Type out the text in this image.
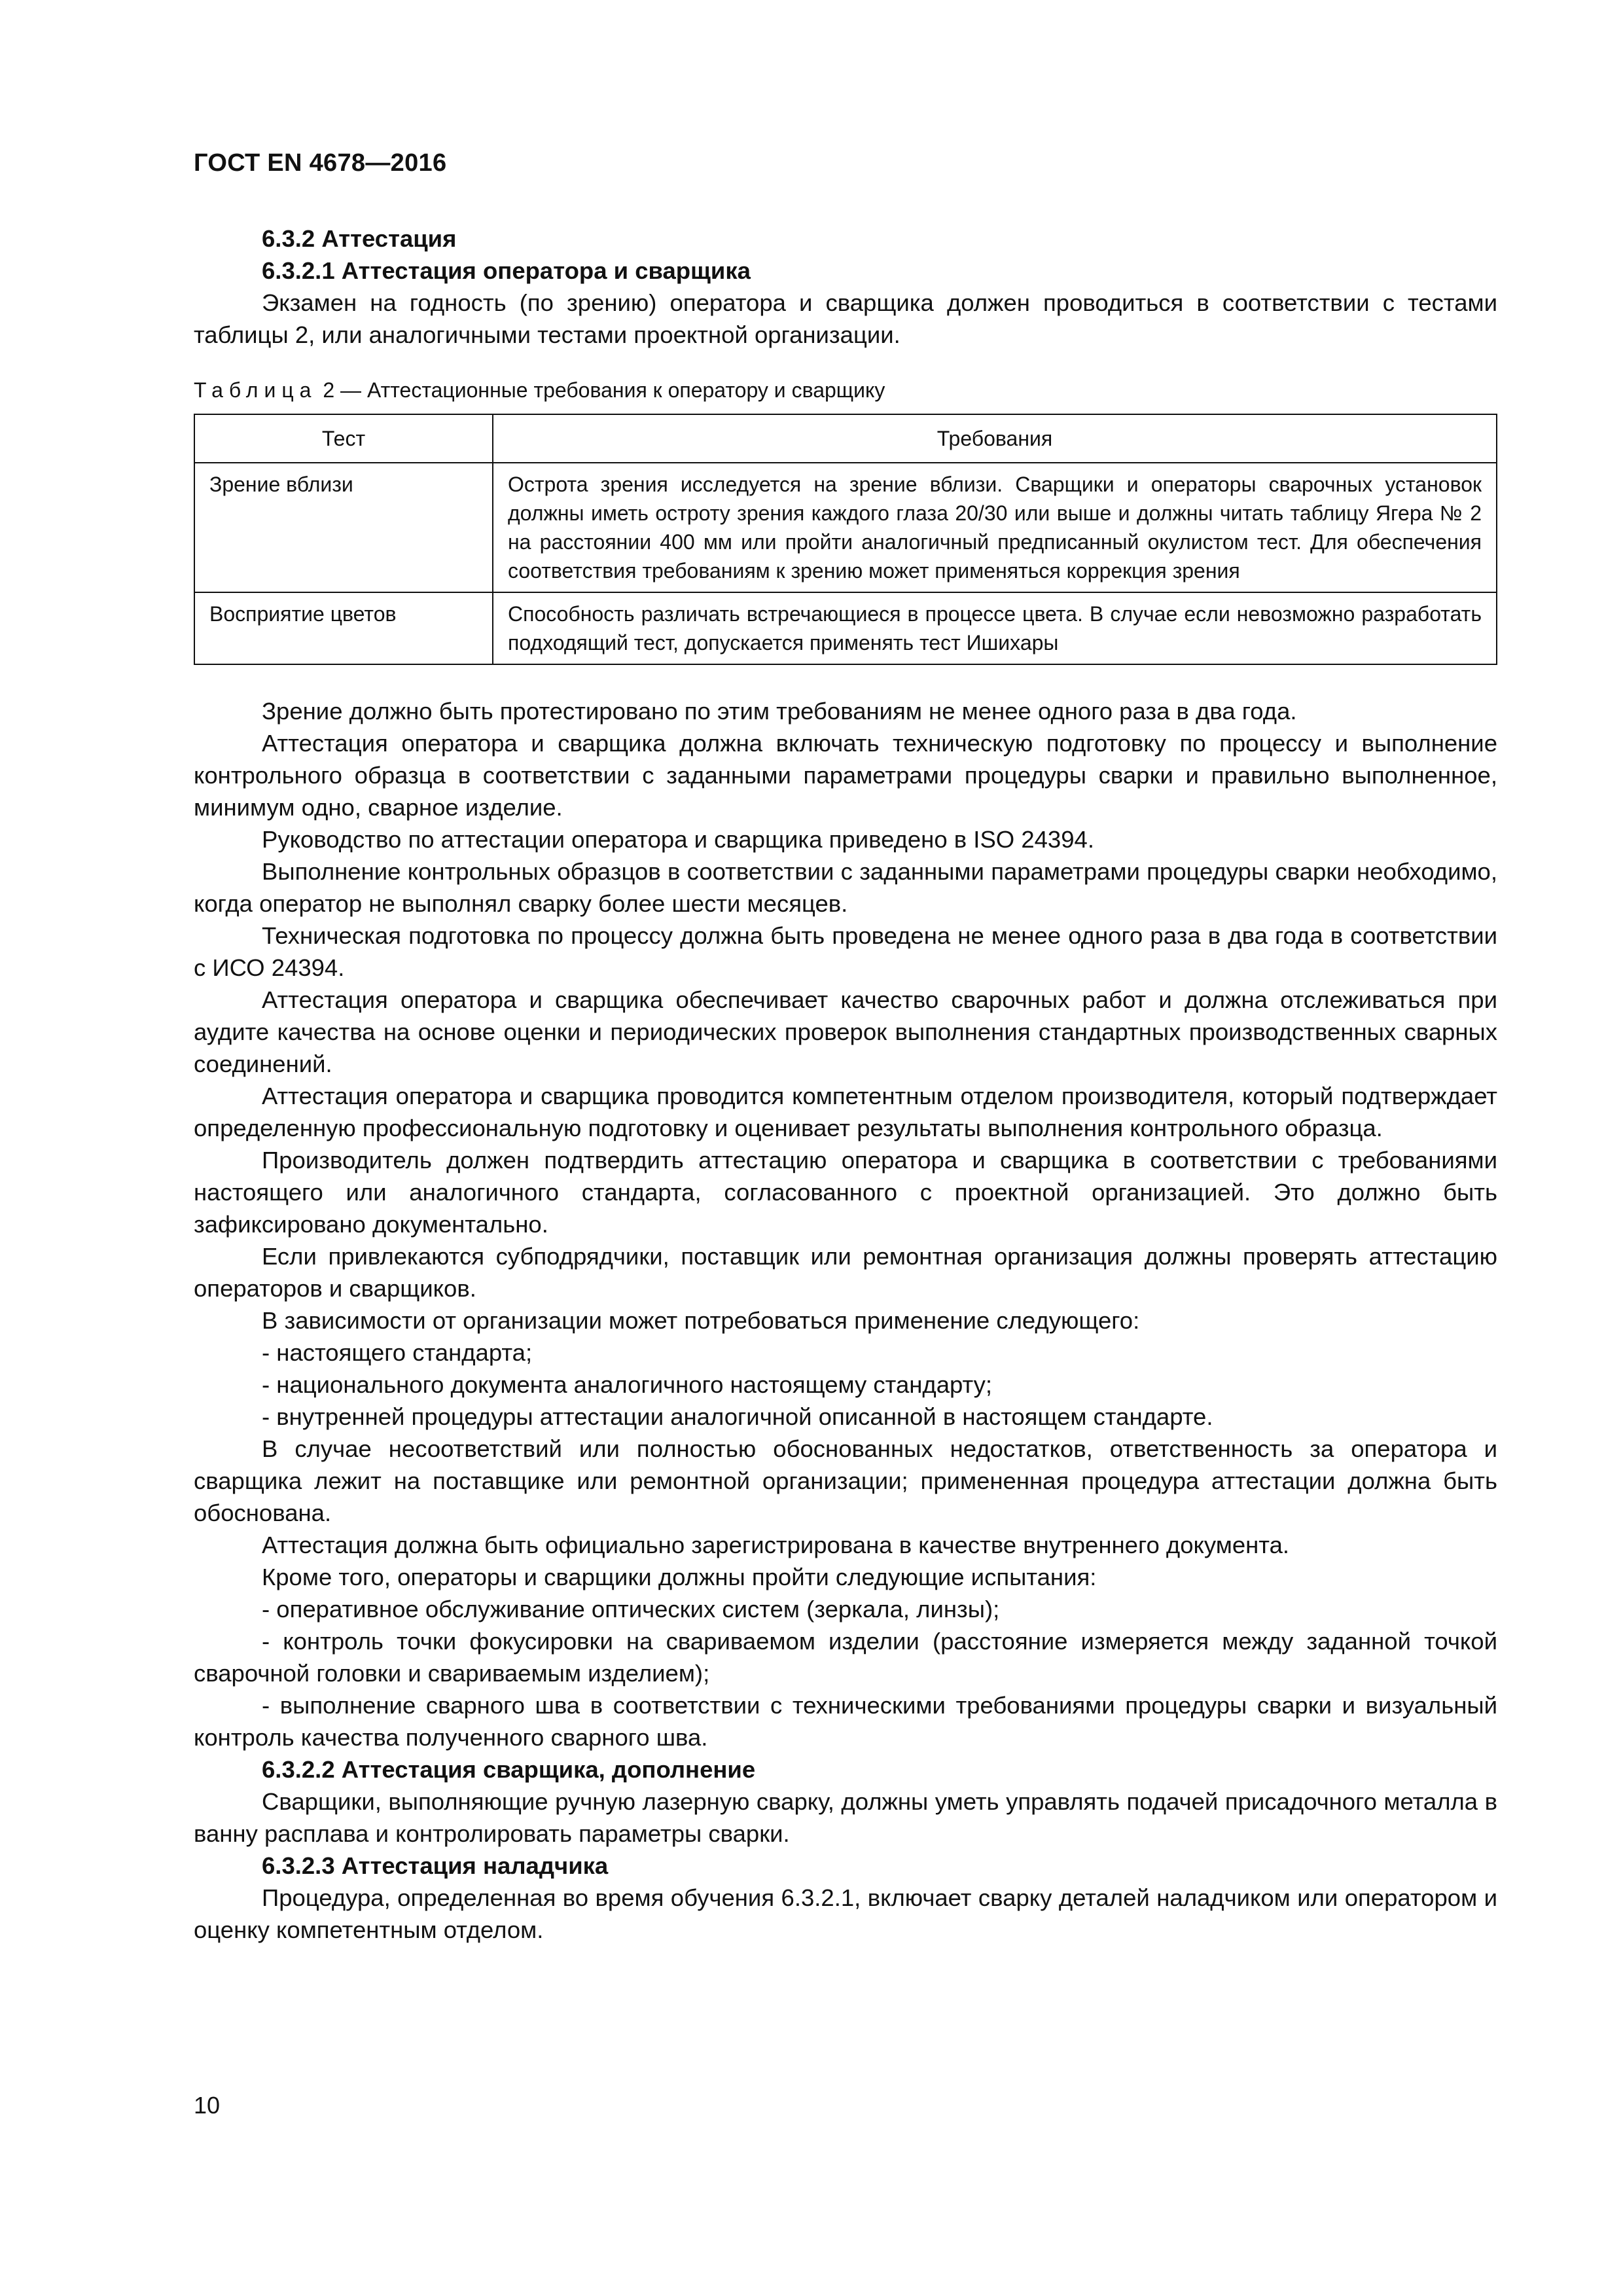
ГОСТ EN 4678—2016

6.3.2 Аттестация

6.3.2.1 Аттестация оператора и сварщика

Экзамен на годность (по зрению) оператора и сварщика должен проводиться в соответствии с тестами таблицы 2, или аналогичными тестами проектной организации.

Таблица 2 — Аттестационные требования к оператору и сварщику
Тест	Требования
Зрение вблизи	Острота зрения исследуется на зрение вблизи. Сварщики и операторы сварочных установок должны иметь остроту зрения каждого глаза 20/30 или выше и должны читать таблицу Ягера № 2 на расстоянии 400 мм или пройти аналогичный предписанный окулистом тест. Для обеспечения соответствия требованиям к зрению может применяться коррекция зрения
Восприятие цветов	Способность различать встречающиеся в процессе цвета. В случае если невозможно разработать подходящий тест, допускается применять тест Ишихары

Зрение должно быть протестировано по этим требованиям не менее одного раза в два года.

Аттестация оператора и сварщика должна включать техническую подготовку по процессу и выполнение контрольного образца в соответствии с заданными параметрами процедуры сварки и правильно выполненное, минимум одно, сварное изделие.

Руководство по аттестации оператора и сварщика приведено в ISO 24394.

Выполнение контрольных образцов в соответствии с заданными параметрами процедуры сварки необходимо, когда оператор не выполнял сварку более шести месяцев.

Техническая подготовка по процессу должна быть проведена не менее одного раза в два года в соответствии с ИСО 24394.

Аттестация оператора и сварщика обеспечивает качество сварочных работ и должна отслеживаться при аудите качества на основе оценки и периодических проверок выполнения стандартных производственных сварных соединений.

Аттестация оператора и сварщика проводится компетентным отделом производителя, который подтверждает определенную профессиональную подготовку и оценивает результаты выполнения контрольного образца.

Производитель должен подтвердить аттестацию оператора и сварщика в соответствии с требованиями настоящего или аналогичного стандарта, согласованного с проектной организацией. Это должно быть зафиксировано документально.

Если привлекаются субподрядчики, поставщик или ремонтная организация должны проверять аттестацию операторов и сварщиков.

В зависимости от организации может потребоваться применение следующего:

- настоящего стандарта;

- национального документа аналогичного настоящему стандарту;

- внутренней процедуры аттестации аналогичной описанной в настоящем стандарте.

В случае несоответствий или полностью обоснованных недостатков, ответственность за оператора и сварщика лежит на поставщике или ремонтной организации; примененная процедура аттестации должна быть обоснована.

Аттестация должна быть официально зарегистрирована в качестве внутреннего документа.

Кроме того, операторы и сварщики должны пройти следующие испытания:

- оперативное обслуживание оптических систем (зеркала, линзы);

- контроль точки фокусировки на свариваемом изделии (расстояние измеряется между заданной точкой сварочной головки и свариваемым изделием);

- выполнение сварного шва в соответствии с техническими требованиями процедуры сварки и визуальный контроль качества полученного сварного шва.

6.3.2.2 Аттестация сварщика, дополнение

Сварщики, выполняющие ручную лазерную сварку, должны уметь управлять подачей присадочного металла в ванну расплава и контролировать параметры сварки.

6.3.2.3 Аттестация наладчика

Процедура, определенная во время обучения 6.3.2.1, включает сварку деталей наладчиком или оператором и оценку компетентным отделом.

10
